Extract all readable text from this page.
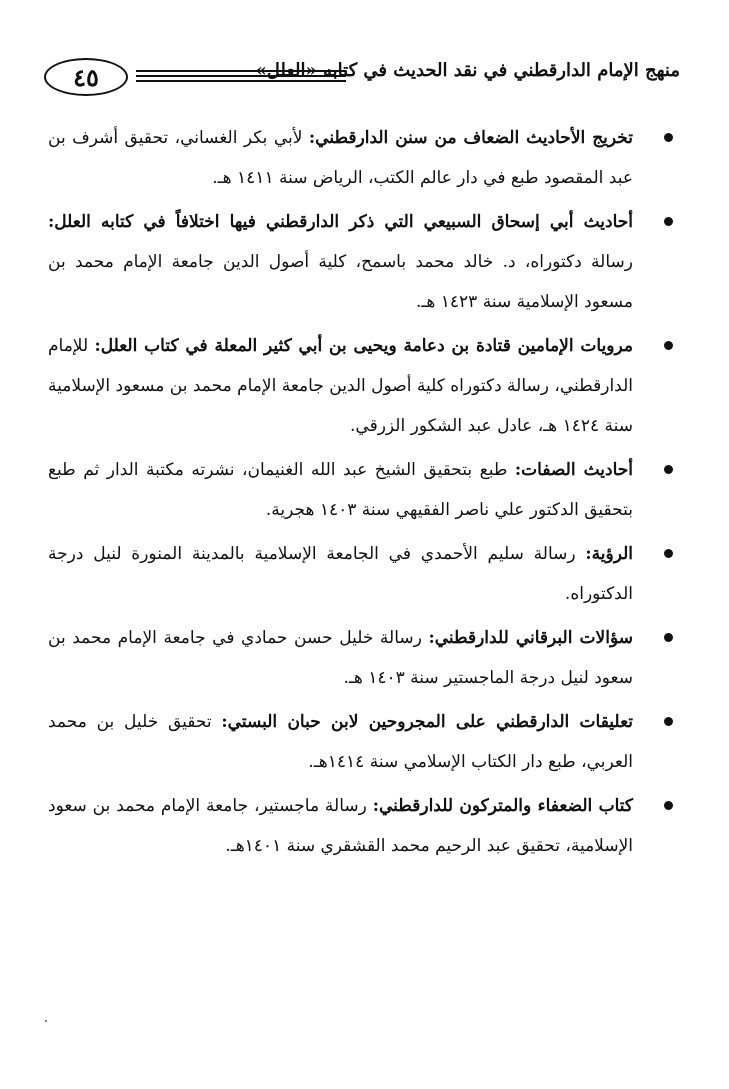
٤٥	منهج الإمام الدارقطني في نقد الحديث في كتابه «العلل»
تخريج الأحاديث الضعاف من سنن الدارقطني: لأبي بكر الغساني، تحقيق أشرف بن عبد المقصود طبع في دار عالم الكتب، الرياض سنة ١٤١١ هـ.
أحاديث أبي إسحاق السبيعي التي ذكر الدارقطني فيها اختلافاً في كتابه العلل: رسالة دكتوراه، د. خالد محمد باسمح، كلية أصول الدين جامعة الإمام محمد بن مسعود الإسلامية سنة ١٤٢٣ هـ.
مرويات الإمامين قتادة بن دعامة ويحيى بن أبي كثير المعلة في كتاب العلل: للإمام الدارقطني، رسالة دكتوراه كلية أصول الدين جامعة الإمام محمد بن مسعود الإسلامية سنة ١٤٢٤ هـ، عادل عبد الشكور الزرقي.
أحاديث الصفات: طبع بتحقيق الشيخ عبد الله الغنيمان، نشرته مكتبة الدار ثم طبع بتحقيق الدكتور علي ناصر الفقيهي سنة ١٤٠٣ هجرية.
الرؤية: رسالة سليم الأحمدي في الجامعة الإسلامية بالمدينة المنورة لنيل درجة الدكتوراه.
سؤالات البرقاني للدارقطني: رسالة خليل حسن حمادي في جامعة الإمام محمد بن سعود لنيل درجة الماجستير سنة ١٤٠٣ هـ.
تعليقات الدارقطني على المجروحين لابن حبان البستي: تحقيق خليل بن محمد العربي، طبع دار الكتاب الإسلامي سنة ١٤١٤هـ.
كتاب الضعفاء والمتركون للدارقطني: رسالة ماجستير، جامعة الإمام محمد بن سعود الإسلامية، تحقيق عبد الرحيم محمد القشقري سنة ١٤٠١هـ.
